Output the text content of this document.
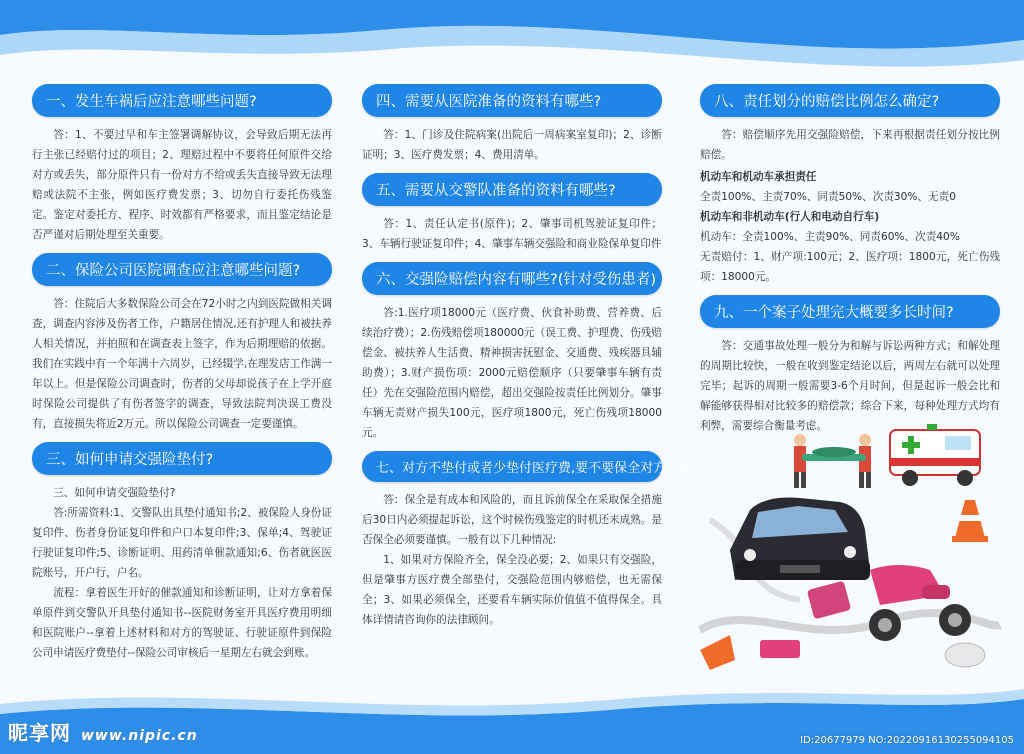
一、发生车祸后应注意哪些问题?

答：1、不要过早和车主签署调解协议，会导致后期无法再行主张已经赔付过的项目；2、理赔过程中不要将任何原件交给对方或丢失，部分原件只有一份对方不给或丢失直接导致无法理赔或法院不主张，例如医疗费发票；3、切勿自行委托伤残鉴定。鉴定对委托方、程序、时效都有严格要求，而且鉴定结论是否严谨对后期处理至关重要。

二、保险公司医院调查应注意哪些问题?

答：住院后大多数保险公司会在72小时之内到医院做相关调查，调查内容涉及伤者工作，户籍居住情况,还有护理人和被扶养人相关情况，并拍照和在调查表上签字，作为后期理赔的依据。我们在实践中有一个年满十六周岁，已经辍学,在理发店工作满一年以上。但是保险公司调查时，伤者的父母却说孩子在上学开庭时保险公司提供了有伤者签字的调查，导致法院判决误工费没有，直接损失将近2万元。所以保险公司调查一定要谨慎。

三、如何申请交强险垫付?

三、如何申请交强险垫付?

答:所需资料:1、交警队出具垫付通知书;2、被保险人身份证复印件、伤者身份证复印件和户口本复印件;3、保单;4、驾驶证行驶证复印件;5、诊断证明、用药清单催款通知;6、伤者就医医院账号，开户行，户名。

流程：拿着医生开好的催款通知和诊断证明，让对方拿着保单原件到交警队开具垫付通知书--医院财务室开具医疗费用明细和医院账户--拿着上述材料和对方的驾驶证、行驶证原件到保险公司申请医疗费垫付--保险公司审核后一星期左右就会到账。

四、需要从医院准备的资料有哪些?

答：1、门诊及住院病案(出院后一周病案室复印)；2、诊断证明；3、医疗费发票；4、费用清单。

五、需要从交警队准备的资料有哪些?

答：1、责任认定书(原件)；2、肇事司机驾驶证复印件；3、车辆行驶证复印件；4、肇事车辆交强险和商业险保单复印件

六、交强险赔偿内容有哪些?(针对受伤患者)

答:1.医疗项18000元（医疗费、伙食补助费、营养费、后续治疗费）；2.伤残赔偿项180000元（误工费、护理费、伤残赔偿金、被扶养人生活费、精神损害抚慰金、交通费、残疾器具辅助费）；3.财产损伤项：2000元赔偿顺序（只要肇事车辆有责任）先在交强险范围内赔偿，超出交强险按责任比例划分。肇事车辆无责财产损失100元，医疗项1800元，死亡伤残项18000元。

七、对方不垫付或者少垫付医疗费,要不要保全对方车辆?

答：保全是有成本和风险的，而且诉前保全在采取保全措施后30日内必须提起诉讼，这个时候伤残鉴定的时机还未成熟。是否保全必须要谨慎。一般有以下几种情况:

1、如果对方保险齐全，保全没必要；2、如果只有交强险，但是肇事方医疗费全部垫付，交强险范围内够赔偿，也无需保全；3、如果必须保全，还要看车辆实际价值值不值得保全。具体详情请咨询你的法律顾问。

八、责任划分的赔偿比例怎么确定?

答：赔偿顺序先用交强险赔偿，下来再根据责任划分按比例赔偿。

机动车和机动车承担责任

全责100%、主责70%、同责50%、次责30%、无责0

机动车和非机动车(行人和电动自行车)

机动车：全责100%、主责90%、同责60%、次责40%

无责赔付：1、财产项:100元；2、医疗项：1800元，死亡伤残项：18000元。

九、一个案子处理完大概要多长时间?

答：交通事故处理一般分为和解与诉讼两种方式；和解处理的周期比较快，一般在收到鉴定结论以后，两周左右就可以处理完毕；起诉的周期一般需要3-6个月时间，但是起诉一般会比和解能够获得相对比较多的赔偿款；综合下来，每种处理方式均有利弊，需要综合衡量考虑。

昵享网 www.nipic.cn	ID:20677979 NO:20220916130255094105
